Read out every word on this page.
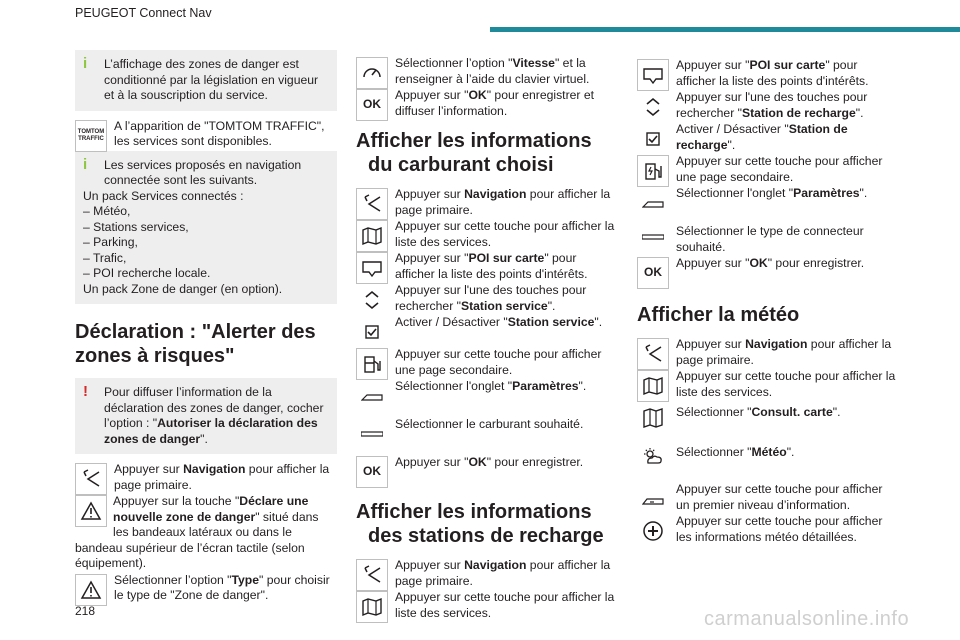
PEUGEOT Connect Nav
i L’affichage des zones de danger est conditionné par la législation en vigueur et à la souscription du service.
TOMTOM TRAFFIC
A l’apparition de "TOMTOM TRAFFIC", les services sont disponibles.
i Les services proposés en navigation connectée sont les suivants.
Un pack Services connectés :
– Météo,
– Stations services,
– Parking,
– Trafic,
– POI recherche locale.
Un pack Zone de danger (en option).
Déclaration : "Alerter des zones à risques"
! Pour diffuser l’information de la déclaration des zones de danger, cocher l’option : "Autoriser la déclaration des zones de danger".
Appuyer sur Navigation pour afficher la page primaire.
Appuyer sur la touche "Déclare une nouvelle zone de danger" situé dans les bandeaux latéraux ou dans le bandeau supérieur de l’écran tactile (selon équipement).
Sélectionner l’option "Type" pour choisir le type de "Zone de danger".
Sélectionner l’option "Vitesse" et la renseigner à l’aide du clavier virtuel.
OK
Appuyer sur "OK" pour enregistrer et diffuser l’information.
Afficher les informations du carburant choisi
Appuyer sur Navigation pour afficher la page primaire.
Appuyer sur cette touche pour afficher la liste des services.
Appuyer sur "POI sur carte" pour afficher la liste des points d'intérêts.
Appuyer sur l'une des touches pour rechercher "Station service".
Activer / Désactiver "Station service".
Appuyer sur cette touche pour afficher une page secondaire.
Sélectionner l'onglet "Paramètres".
Sélectionner le carburant souhaité.
OK
Appuyer sur "OK" pour enregistrer.
Afficher les informations des stations de recharge
Appuyer sur Navigation pour afficher la page primaire.
Appuyer sur cette touche pour afficher la liste des services.
Appuyer sur "POI sur carte" pour afficher la liste des points d'intérêts.
Appuyer sur l'une des touches pour rechercher "Station de recharge".
Activer / Désactiver "Station de recharge".
Appuyer sur cette touche pour afficher une page secondaire.
Sélectionner l'onglet "Paramètres".
Sélectionner le type de connecteur souhaité.
OK
Appuyer sur "OK" pour enregistrer.
Afficher la météo
Appuyer sur Navigation pour afficher la page primaire.
Appuyer sur cette touche pour afficher la liste des services.
Sélectionner "Consult. carte".
Sélectionner "Météo".
Appuyer sur cette touche pour afficher un premier niveau d’information.
Appuyer sur cette touche pour afficher les informations météo détaillées.
218	carmanualsonline.info
